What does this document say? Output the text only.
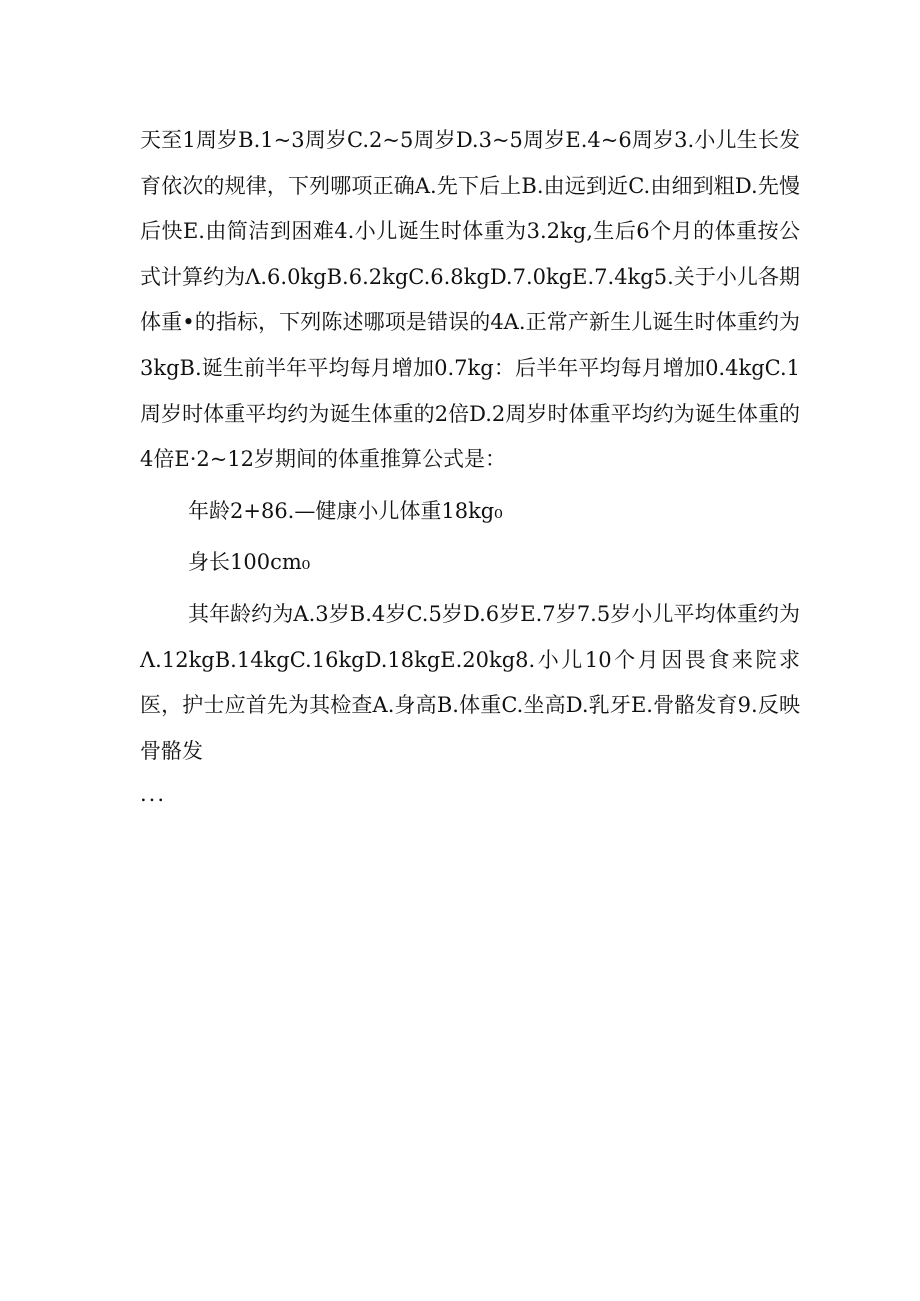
天至1周岁B.1~3周岁C.2~5周岁D.3~5周岁E.4~6周岁3.小儿生长发育依次的规律，下列哪项正确A.先下后上B.由远到近C.由细到粗D.先慢后快E.由简洁到困难4.小儿诞生时体重为3.2kg,生后6个月的体重按公式计算约为Λ.6.0kgB.6.2kgC.6.8kgD.7.0kgE.7.4kg5.关于小儿各期体重•的指标，下列陈述哪项是错误的4A.正常产新生儿诞生时体重约为3kgB.诞生前半年平均每月增加0.7kg：后半年平均每月增加0.4kgC.1周岁时体重平均约为诞生体重的2倍D.2周岁时体重平均约为诞生体重的4倍E·2~12岁期间的体重推算公式是：

年龄2+86.—健康小儿体重18kg₀

身长100cm₀

其年龄约为A.3岁B.4岁C.5岁D.6岁E.7岁7.5岁小儿平均体重约为Λ.12kgB.14kgC.16kgD.18kgE.20kg8.小儿10个月因畏食来院求医，护士应首先为其检查A.身高B.体重C.坐高D.乳牙E.骨骼发育9.反映骨骼发

...
